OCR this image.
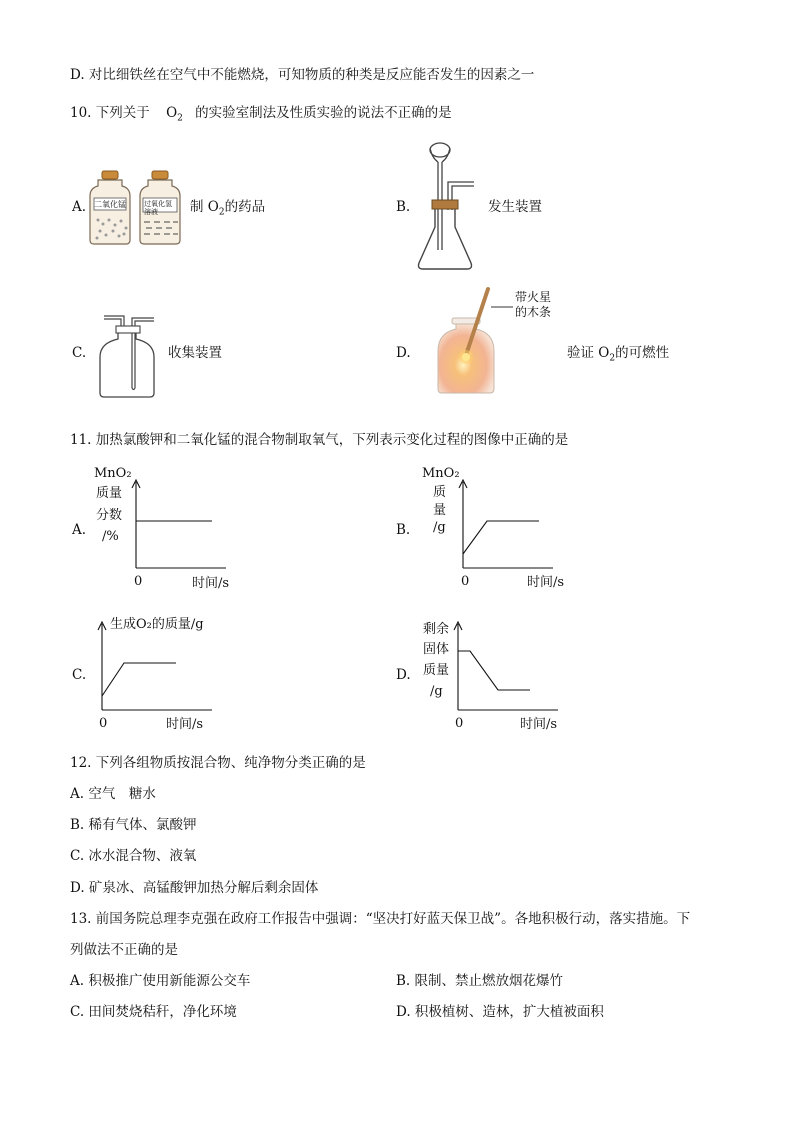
D. 对比细铁丝在空气中不能燃烧，可知物质的种类是反应能否发生的因素之一
10. 下列关于 $O_2$ 的实验室制法及性质实验的说法不正确的是
A. 二氧化锰	过氧化氢溶液	制 $O_2$的药品	B.	发生装置
C.	收集装置	D.
带火星
的木条
验证 $O_2$的可燃性
11. 加热氯酸钾和二氧化锰的混合物制取氧气，下列表示变化过程的图像中正确的是
A.
MnO₂
质量
分数
/%
0	时间/s
B.
MnO₂
质
量
/g
0	时间/s
C.
生成O₂的质量/g
0	时间/s
D.
剩余
固体
质量
/g
0	时间/s
12. 下列各组物质按混合物、纯净物分类正确的是
A. 空气　糖水
B. 稀有气体、氯酸钾
C. 冰水混合物、液氧
D. 矿泉冰、高锰酸钾加热分解后剩余固体
13. 前国务院总理李克强在政府工作报告中强调：“坚决打好蓝天保卫战”。各地积极行动，落实措施。下
列做法不正确的是
A. 积极推广使用新能源公交车	B. 限制、禁止燃放烟花爆竹
C. 田间焚烧秸秆，净化环境	D. 积极植树、造林，扩大植被面积
